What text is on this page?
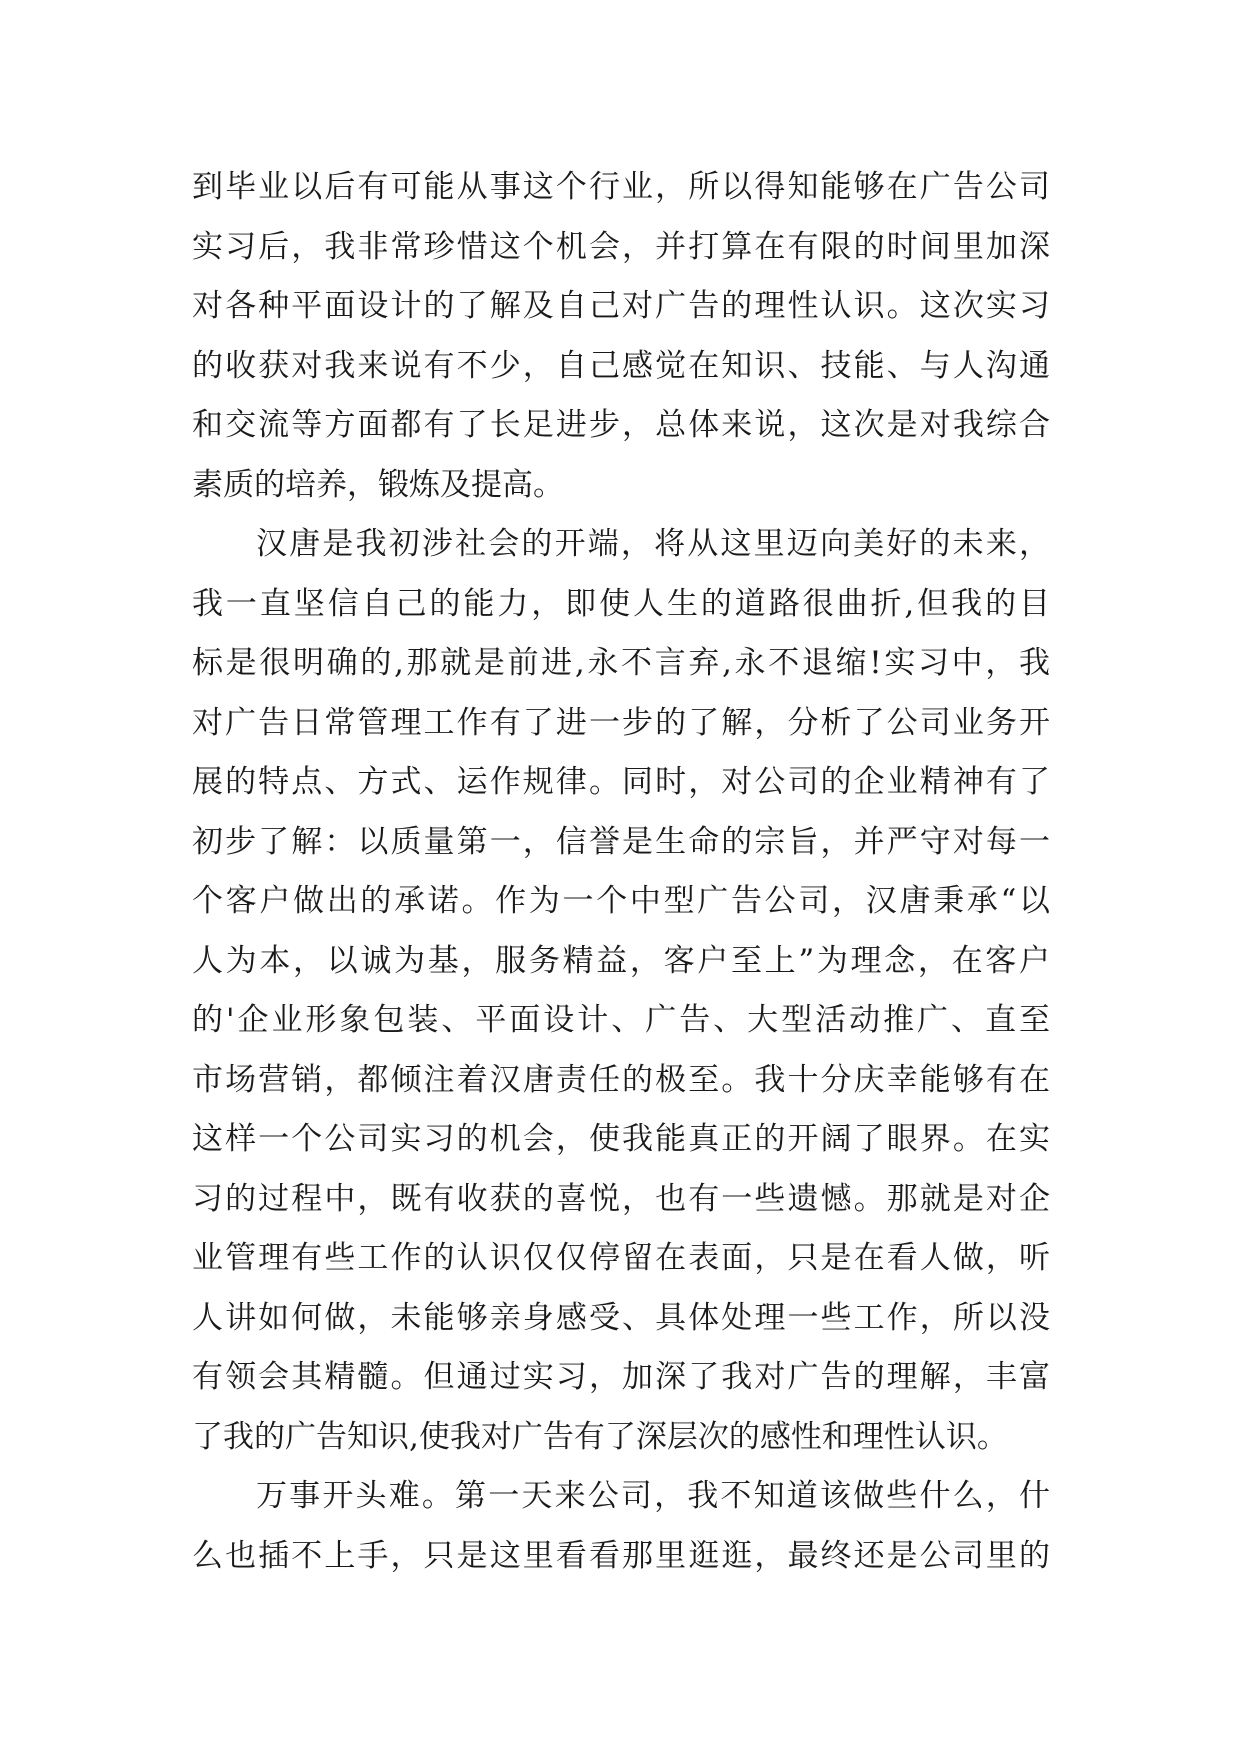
到毕业以后有可能从事这个行业，所以得知能够在广告公司
实习后，我非常珍惜这个机会，并打算在有限的时间里加深
对各种平面设计的了解及自己对广告的理性认识。这次实习
的收获对我来说有不少，自己感觉在知识、技能、与人沟通
和交流等方面都有了长足进步，总体来说，这次是对我综合
素质的培养，锻炼及提高。
汉唐是我初涉社会的开端，将从这里迈向美好的未来，
我一直坚信自己的能力，即使人生的道路很曲折,但我的目
标是很明确的,那就是前进,永不言弃,永不退缩!实习中，我
对广告日常管理工作有了进一步的了解，分析了公司业务开
展的特点、方式、运作规律。同时，对公司的企业精神有了
初步了解：以质量第一，信誉是生命的宗旨，并严守对每一
个客户做出的承诺。作为一个中型广告公司，汉唐秉承“以
人为本，以诚为基，服务精益，客户至上”为理念，在客户
的'企业形象包装、平面设计、广告、大型活动推广、直至
市场营销，都倾注着汉唐责任的极至。我十分庆幸能够有在
这样一个公司实习的机会，使我能真正的开阔了眼界。在实
习的过程中，既有收获的喜悦，也有一些遗憾。那就是对企
业管理有些工作的认识仅仅停留在表面，只是在看人做，听
人讲如何做，未能够亲身感受、具体处理一些工作，所以没
有领会其精髓。但通过实习，加深了我对广告的理解，丰富
了我的广告知识,使我对广告有了深层次的感性和理性认识。
万事开头难。第一天来公司，我不知道该做些什么，什
么也插不上手，只是这里看看那里逛逛，最终还是公司里的
